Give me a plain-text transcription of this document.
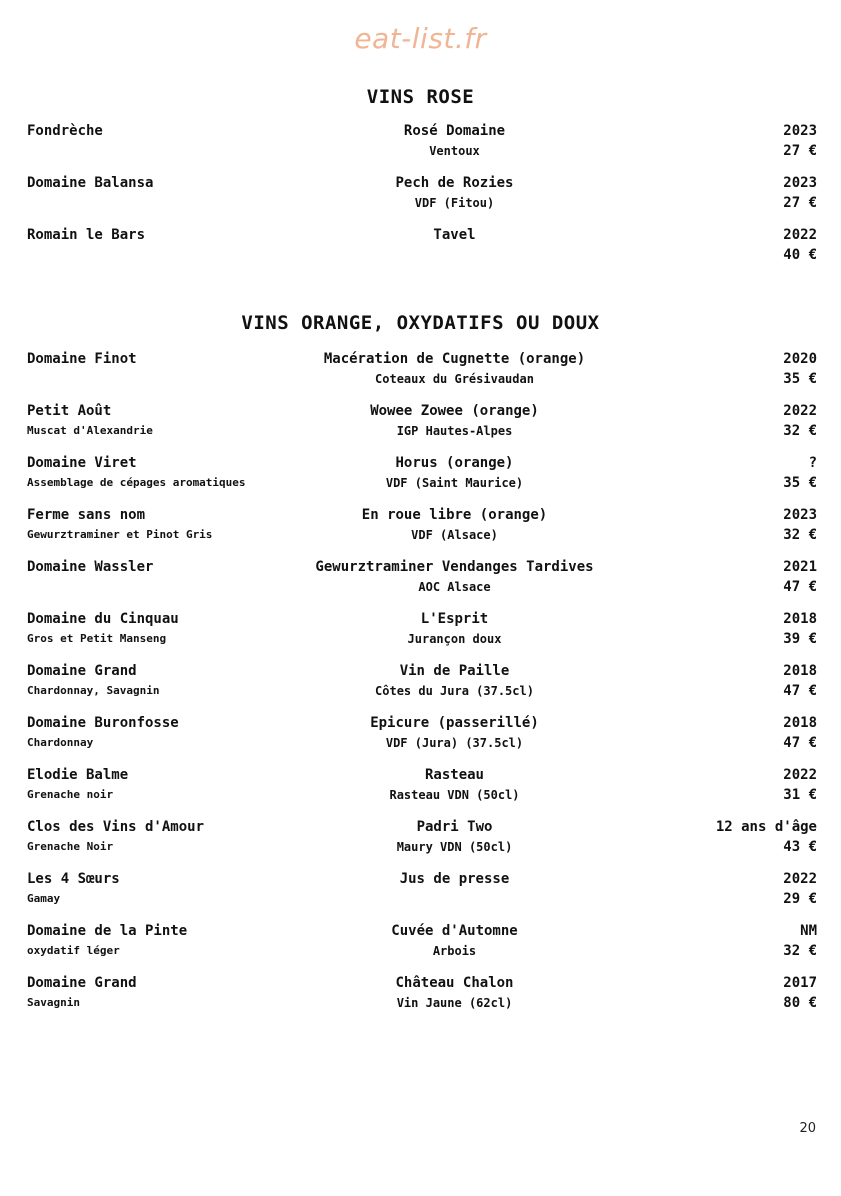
eat-list.fr
VINS ROSE
Fondrèche	Rosé Domaine	2023
Ventoux	27 €
Domaine Balansa	Pech de Rozies	2023
VDF (Fitou)	27 €
Romain le Bars	Tavel	2022
40 €
VINS ORANGE, OXYDATIFS OU DOUX
Domaine Finot	Macération de Cugnette (orange)	2020
Coteaux du Grésivaudan	35 €
Petit Août	Wowee Zowee (orange)	2022
Muscat d'Alexandrie	IGP Hautes-Alpes	32 €
Domaine Viret	Horus (orange)	?
Assemblage de cépages aromatiques	VDF (Saint Maurice)	35 €
Ferme sans nom	En roue libre (orange)	2023
Gewurztraminer et Pinot Gris	VDF (Alsace)	32 €
Domaine Wassler	Gewurztraminer Vendanges Tardives	2021
AOC Alsace	47 €
Domaine du Cinquau	L'Esprit	2018
Gros et Petit Manseng	Jurançon doux	39 €
Domaine Grand	Vin de Paille	2018
Chardonnay, Savagnin	Côtes du Jura (37.5cl)	47 €
Domaine Buronfosse	Epicure (passerillé)	2018
Chardonnay	VDF (Jura) (37.5cl)	47 €
Elodie Balme	Rasteau	2022
Grenache noir	Rasteau VDN (50cl)	31 €
Clos des Vins d'Amour	Padri Two	12 ans d'âge
Grenache Noir	Maury VDN (50cl)	43 €
Les 4 Sœurs	Jus de presse	2022
Gamay	29 €
Domaine de la Pinte	Cuvée d'Automne	NM
oxydatif léger	Arbois	32 €
Domaine Grand	Château Chalon	2017
Savagnin	Vin Jaune (62cl)	80 €
20
